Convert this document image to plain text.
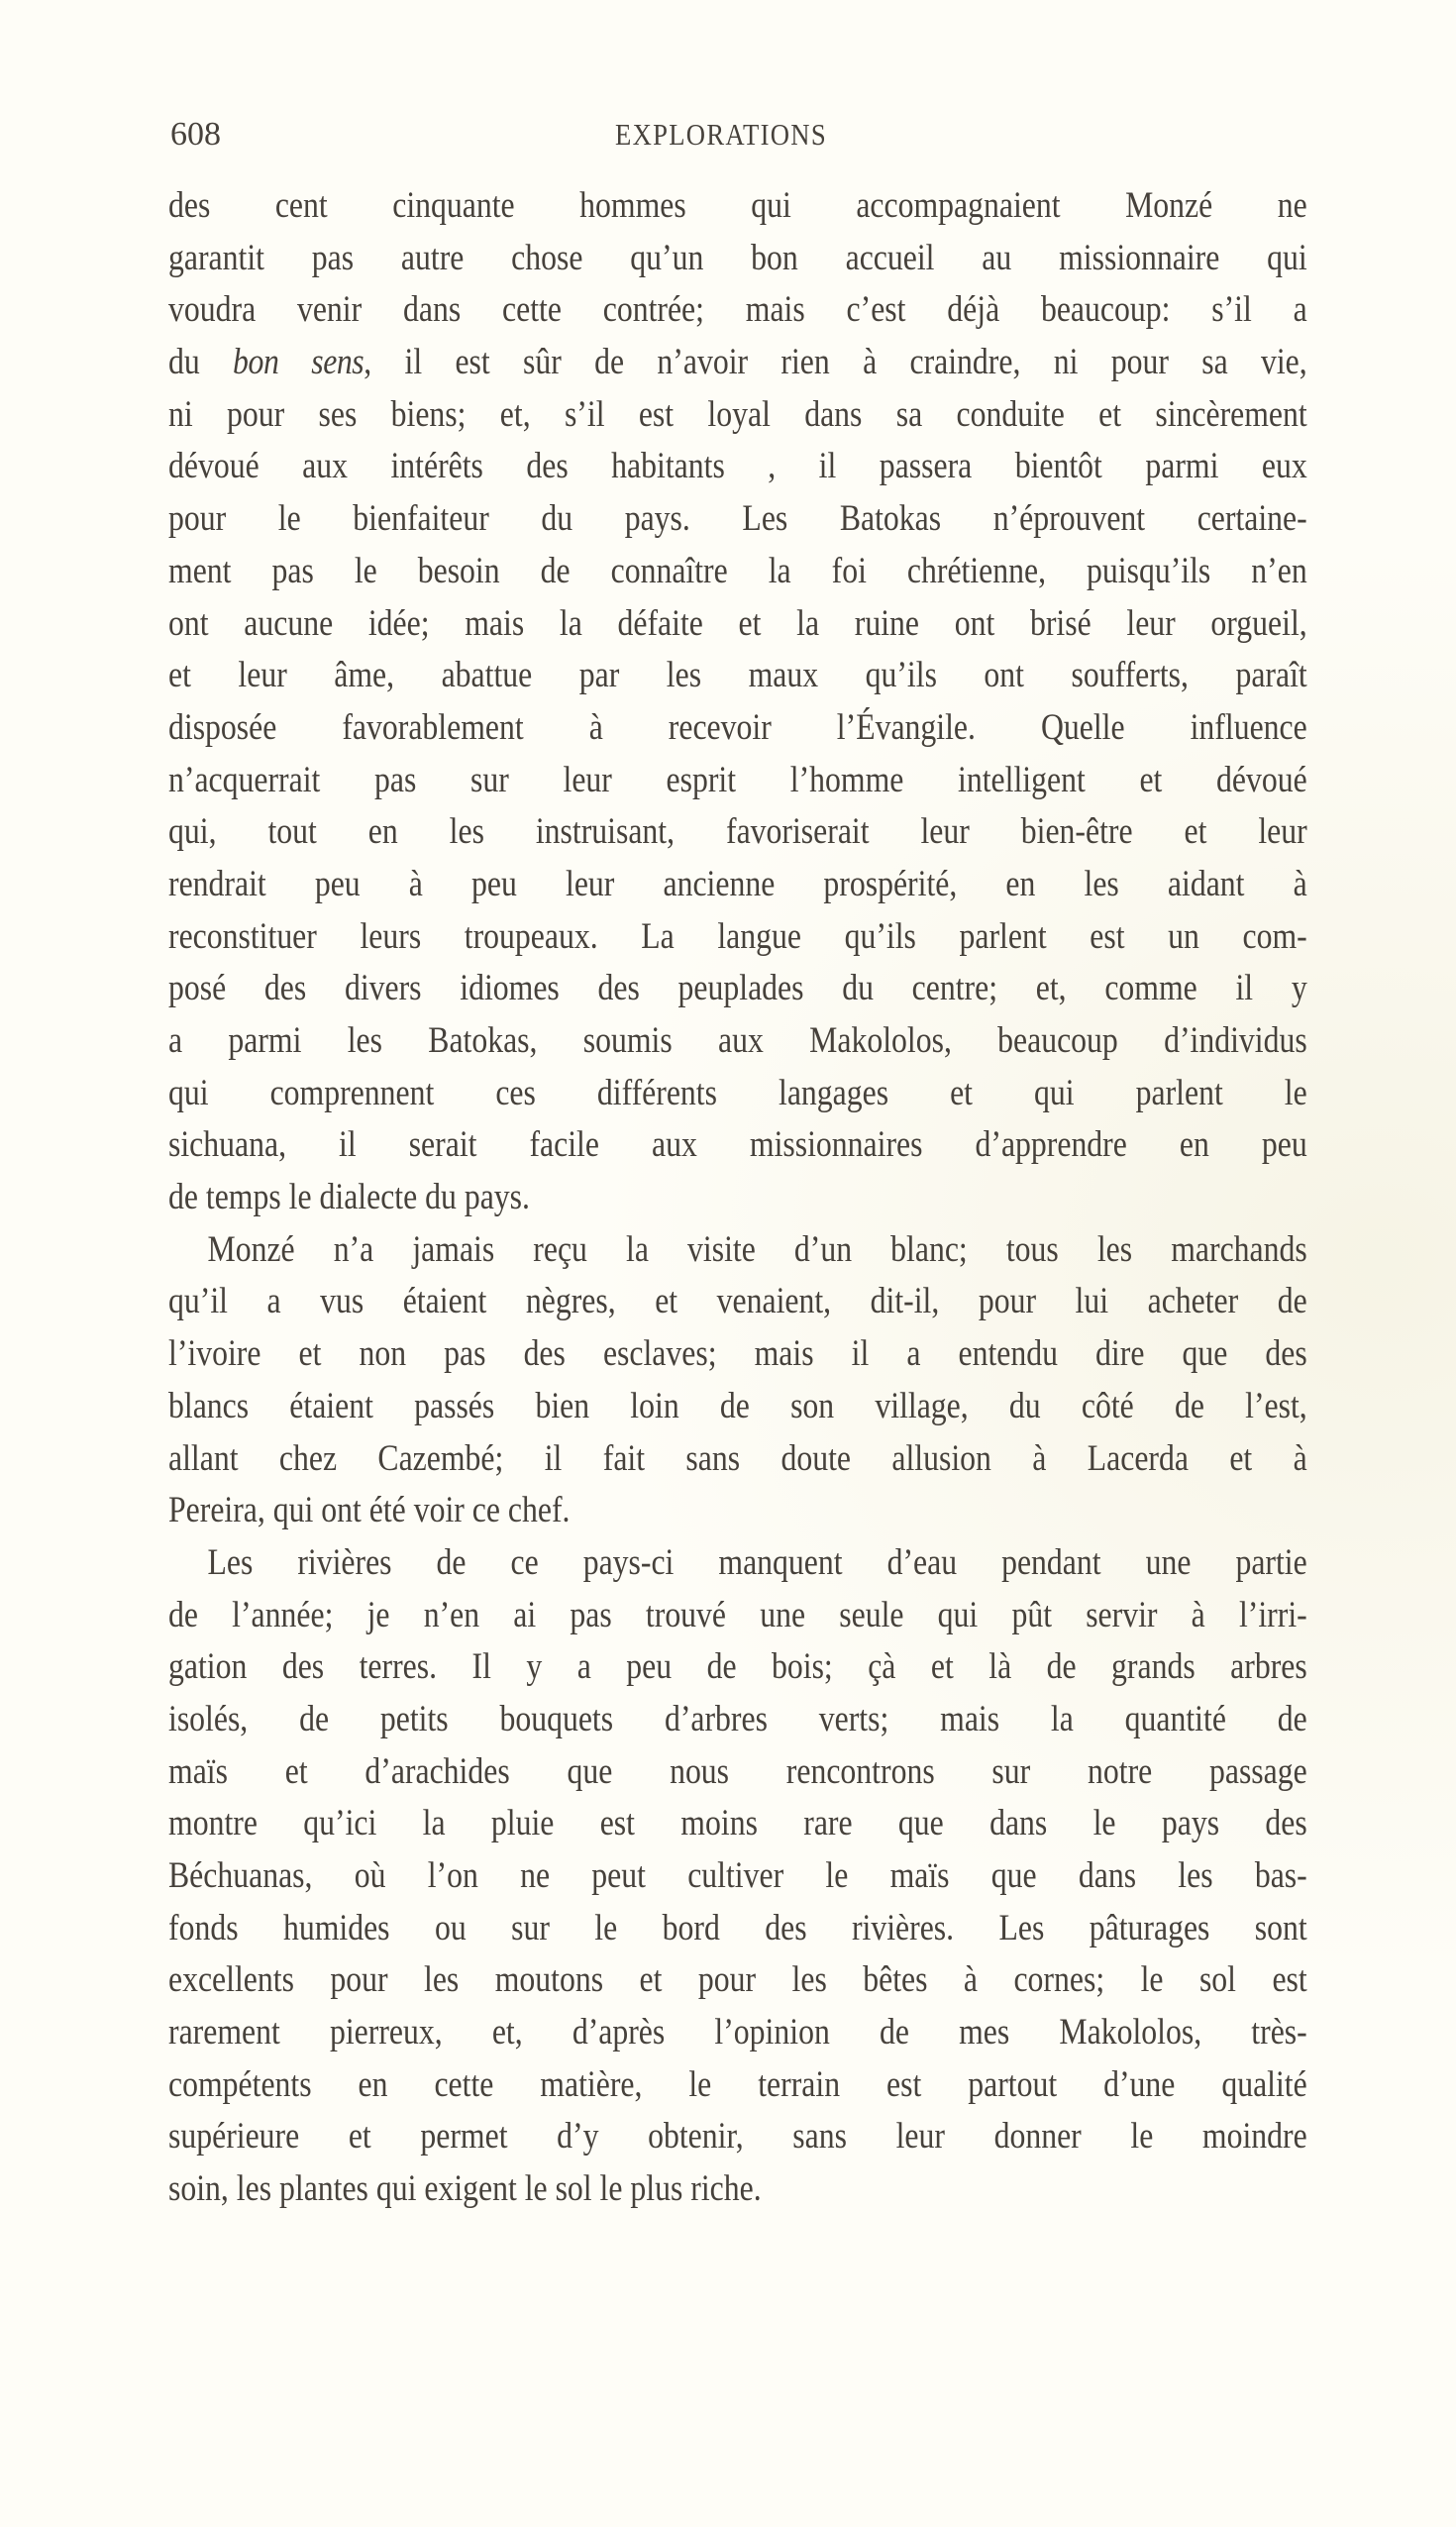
608	EXPLORATIONS
des cent cinquante hommes qui accompagnaient Monzé ne
garantit pas autre chose qu’un bon accueil au missionnaire qui
voudra venir dans cette contrée; mais c’est déjà beaucoup: s’il a
du bon sens, il est sûr de n’avoir rien à craindre, ni pour sa vie,
ni pour ses biens; et, s’il est loyal dans sa conduite et sincèrement
dévoué aux intérêts des habitants , il passera bientôt parmi eux
pour le bienfaiteur du pays. Les Batokas n’éprouvent certaine-
ment pas le besoin de connaître la foi chrétienne, puisqu’ils n’en
ont aucune idée; mais la défaite et la ruine ont brisé leur orgueil,
et leur âme, abattue par les maux qu’ils ont soufferts, paraît
disposée favorablement à recevoir l’Évangile. Quelle influence
n’acquerrait pas sur leur esprit l’homme intelligent et dévoué
qui, tout en les instruisant, favoriserait leur bien-être et leur
rendrait peu à peu leur ancienne prospérité, en les aidant à
reconstituer leurs troupeaux. La langue qu’ils parlent est un com-
posé des divers idiomes des peuplades du centre; et, comme il y
a parmi les Batokas, soumis aux Makololos, beaucoup d’individus
qui comprennent ces différents langages et qui parlent le
sichuana, il serait facile aux missionnaires d’apprendre en peu
de temps le dialecte du pays.
Monzé n’a jamais reçu la visite d’un blanc; tous les marchands
qu’il a vus étaient nègres, et venaient, dit-il, pour lui acheter de
l’ivoire et non pas des esclaves; mais il a entendu dire que des
blancs étaient passés bien loin de son village, du côté de l’est,
allant chez Cazembé; il fait sans doute allusion à Lacerda et à
Pereira, qui ont été voir ce chef.
Les rivières de ce pays-ci manquent d’eau pendant une partie
de l’année; je n’en ai pas trouvé une seule qui pût servir à l’irri-
gation des terres. Il y a peu de bois; çà et là de grands arbres
isolés, de petits bouquets d’arbres verts; mais la quantité de
maïs et d’arachides que nous rencontrons sur notre passage
montre qu’ici la pluie est moins rare que dans le pays des
Béchuanas, où l’on ne peut cultiver le maïs que dans les bas-
fonds humides ou sur le bord des rivières. Les pâturages sont
excellents pour les moutons et pour les bêtes à cornes; le sol est
rarement pierreux, et, d’après l’opinion de mes Makololos, très-
compétents en cette matière, le terrain est partout d’une qualité
supérieure et permet d’y obtenir, sans leur donner le moindre
soin, les plantes qui exigent le sol le plus riche.
